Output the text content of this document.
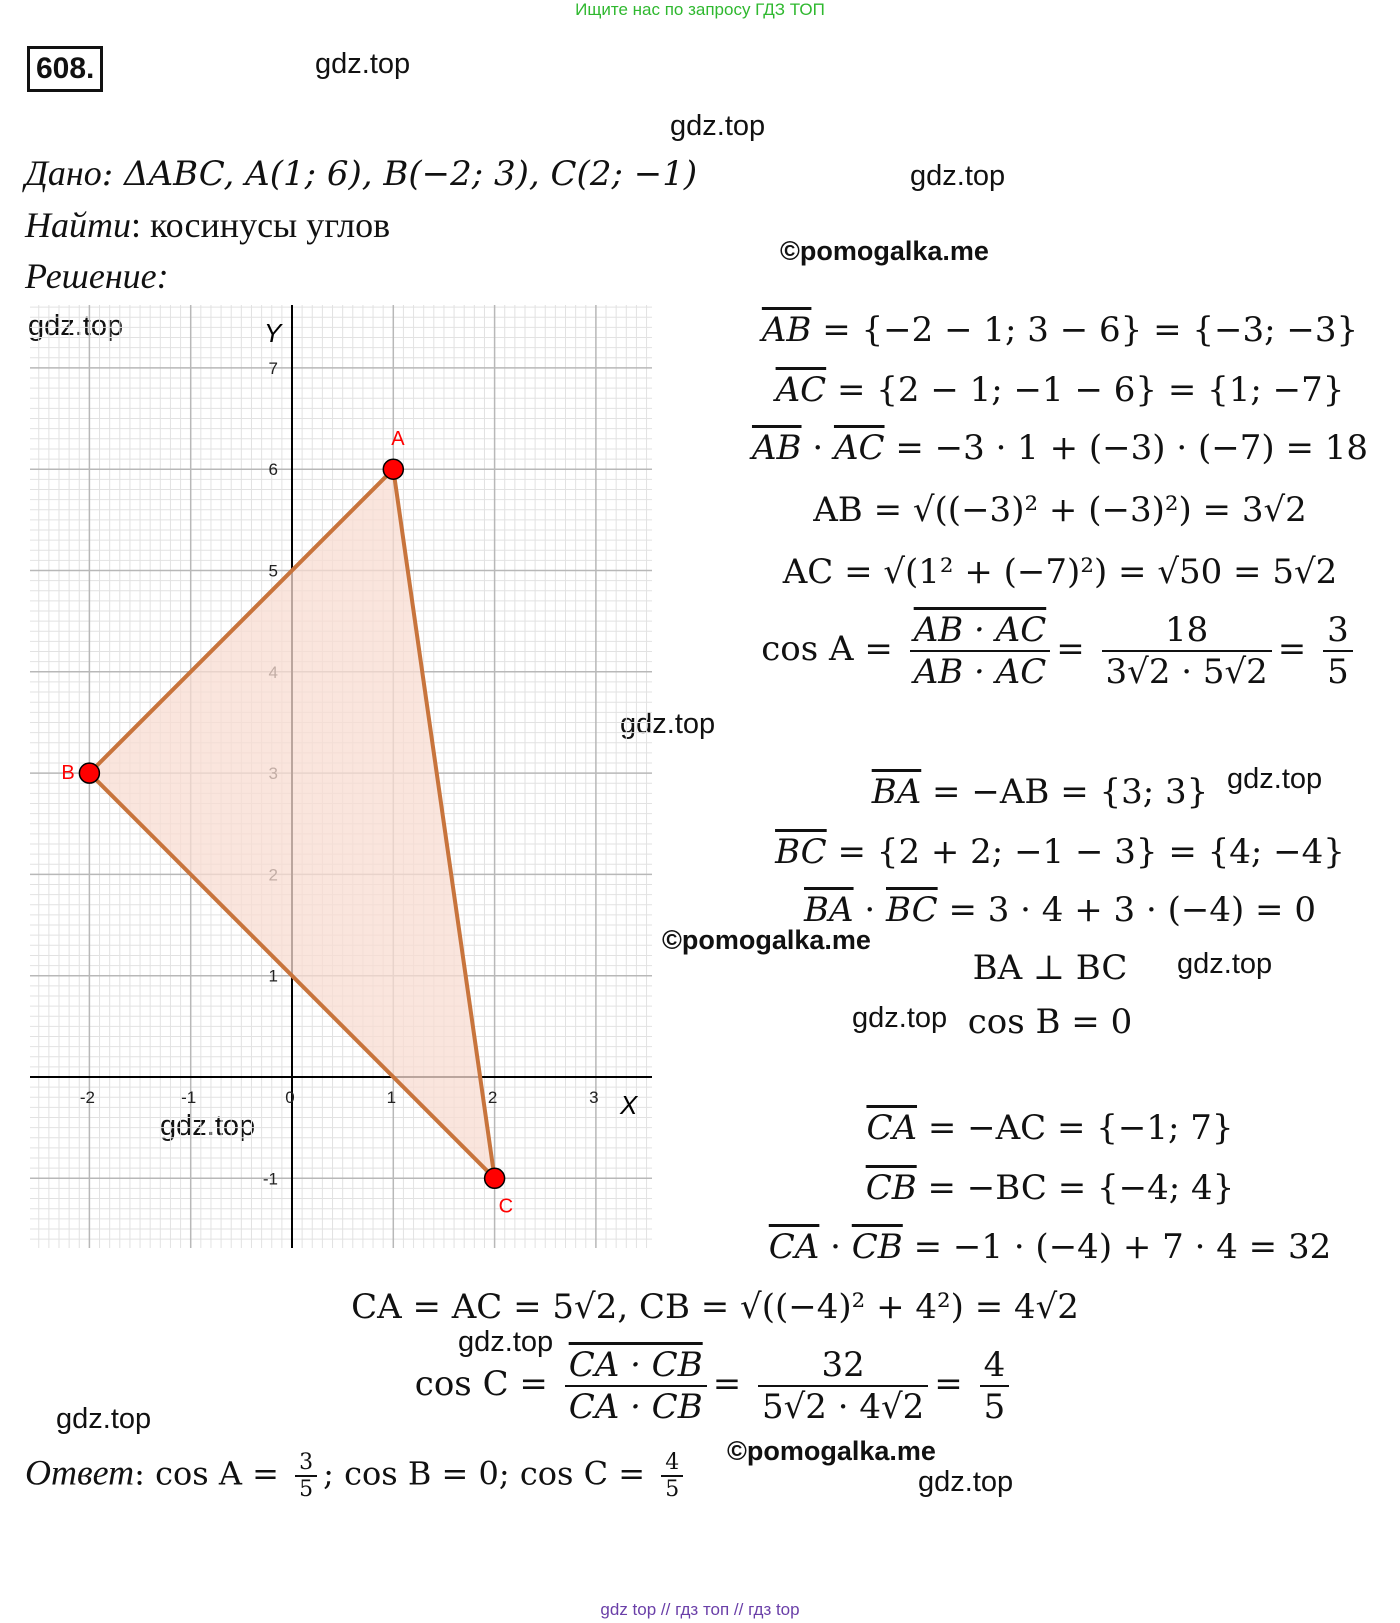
Ищите нас по запросу ГДЗ ТОП
608.	gdz.top
gdz.top
gdz.top
gdz.top
gdz.top
gdz.top
gdz.top
gdz.top
gdz.top
gdz.top
gdz.top
gdz.top
©pomogalka.me
©pomogalka.me
©pomogalka.me
Дано: ΔABC, A(1; 6), B(−2; 3), C(2; −1)
Найти: косинусы углов
Решение:
-2	-1	0	1	2	3
-1
1
5
6
7
A
B
C
X
Y	$\overline{AB} = \{-2 - 1$; 3 − 6} = {−3; −3}
$\overline{AC} = \{2 - 1$; −1 − 6} = {1; −7}
$\overline{AB} \cdot \overline{AC} = -3 \cdot 1 + (-3) \cdot (-7) = 18$
AB = √((−3)² + (−3)²) = 3√2
AC = √(1² + (−7)²) = √50 = 5√2
$\cos A = \frac{AB \cdot AC}{AB \cdot AC} = \frac{18}{3√2 \cdot 5√2} = \frac{3}{5}$
$\overline{BA} = -AB = \{3$; 3}
$\overline{BC} = \{2 + 2$; −1 − 3} = {4; −4}
$\overline{BA} \cdot \overline{BC} = 3 \cdot 4 + 3 \cdot (-4) = 0$
BA ⊥ BC
cos B = 0
$\overline{CA} = -AC = \{-1$; 7}
$\overline{CB} = -BC = \{-4$; 4}
$\overline{CA} \cdot \overline{CB} = -1 \cdot (-4) + 7 \cdot 4 = 32$
CA = AC = 5√2, CB = √((−4)² + 4²) = 4√2
$\cos C = \frac{CA \cdot CB}{CA \cdot CB} = \frac{32}{5√2 \cdot 4√2} = \frac{4}{5}$
Ответ: $\cos A = \frac{3}{5}$ ; cos B = 0; $\cos C = \frac{4}{5}$
gdz top // гдз топ // гдз top
